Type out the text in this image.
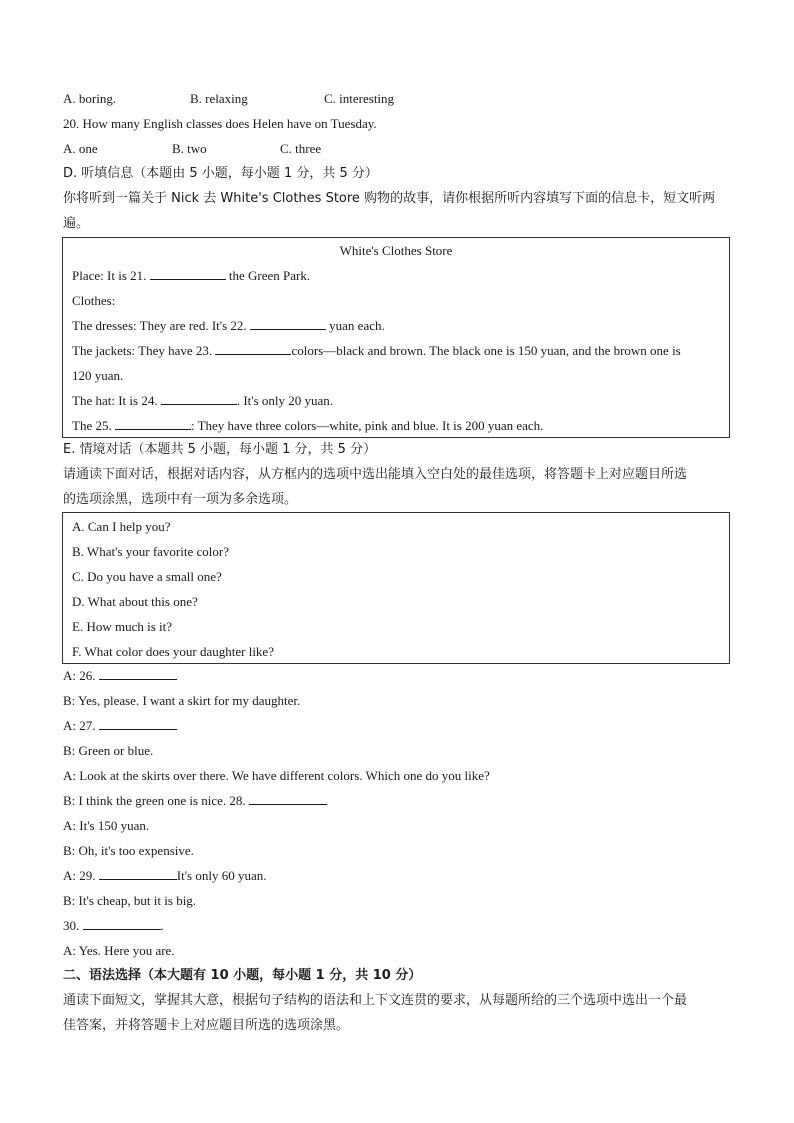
A. boring.	B. relaxing	C. interesting
20. How many English classes does Helen have on Tuesday.
A. one	B. two	C. three
D. 听填信息（本题由 5 小题，每小题 1 分，共 5 分）
你将听到一篇关于 Nick 去 White's Clothes Store 购物的故事，请你根据所听内容填写下面的信息卡，短文听两
遍。
White's Clothes Store
Place: It is 21.	the Green Park.
Clothes:
The dresses: They are red. It's 22.	yuan each.
The jackets: They have 23.	colors—black and brown. The black one is 150 yuan, and the brown one is
120 yuan.
The hat: It is 24.	. It's only 20 yuan.
The 25.	: They have three colors—white, pink and blue. It is 200 yuan each.
E. 情境对话（本题共 5 小题，每小题 1 分，共 5 分）
请通读下面对话，根据对话内容，从方框内的选项中选出能填入空白处的最佳选项，将答题卡上对应题目所选
的选项涂黑，选项中有一项为多余选项。
A. Can I help you?
B. What's your favorite color?
C. Do you have a small one?
D. What about this one?
E. How much is it?
F. What color does your daughter like?
A: 26.
B: Yes, please. I want a skirt for my daughter.
A: 27.
B: Green or blue.
A: Look at the skirts over there. We have different colors. Which one do you like?
B: I think the green one is nice. 28.
A: It's 150 yuan.
B: Oh, it's too expensive.
A: 29.	It's only 60 yuan.
B: It's cheap, but it is big.
30.	.
A: Yes. Here you are.
二、语法选择（本大题有 10 小题，每小题 1 分，共 10 分）
通读下面短文，掌握其大意，根据句子结构的语法和上下文连贯的要求，从每题所给的三个选项中选出一个最
佳答案，并将答题卡上对应题目所选的选项涂黑。
